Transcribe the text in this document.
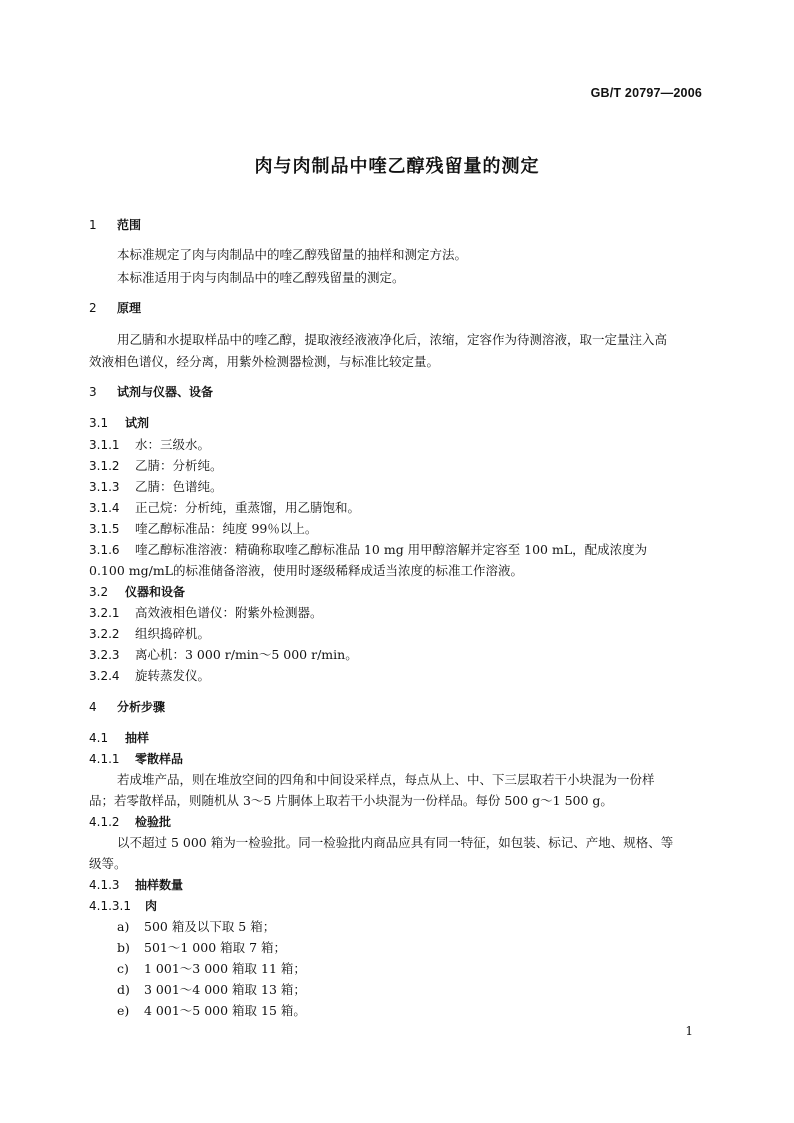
GB/T 20797—2006
肉与肉制品中喹乙醇残留量的测定
1 范围
本标准规定了肉与肉制品中的喹乙醇残留量的抽样和测定方法。
本标准适用于肉与肉制品中的喹乙醇残留量的测定。
2 原理
用乙腈和水提取样品中的喹乙醇，提取液经液液净化后，浓缩，定容作为待测溶液，取一定量注入高
效液相色谱仪，经分离，用紫外检测器检测，与标准比较定量。
3 试剂与仪器、设备
3.1 试剂
3.1.1 水：三级水。
3.1.2 乙腈：分析纯。
3.1.3 乙腈：色谱纯。
3.1.4 正己烷：分析纯，重蒸馏，用乙腈饱和。
3.1.5 喹乙醇标准品：纯度 99％以上。
3.1.6 喹乙醇标准溶液：精确称取喹乙醇标准品 10 mg 用甲醇溶解并定容至 100 mL，配成浓度为
0.100 mg/mL的标准储备溶液，使用时逐级稀释成适当浓度的标准工作溶液。
3.2 仪器和设备
3.2.1 高效液相色谱仪：附紫外检测器。
3.2.2 组织捣碎机。
3.2.3 离心机：3 000 r/min～5 000 r/min。
3.2.4 旋转蒸发仪。
4 分析步骤
4.1 抽样
4.1.1 零散样品
若成堆产品，则在堆放空间的四角和中间设采样点，每点从上、中、下三层取若干小块混为一份样
品；若零散样品，则随机从 3～5 片胴体上取若干小块混为一份样品。每份 500 g～1 500 g。
4.1.2 检验批
以不超过 5 000 箱为一检验批。同一检验批内商品应具有同一特征，如包装、标记、产地、规格、等
级等。
4.1.3 抽样数量
4.1.3.1 肉
a) 500 箱及以下取 5 箱；
b) 501～1 000 箱取 7 箱；
c) 1 001～3 000 箱取 11 箱；
d) 3 001～4 000 箱取 13 箱；
e) 4 001～5 000 箱取 15 箱。
1
